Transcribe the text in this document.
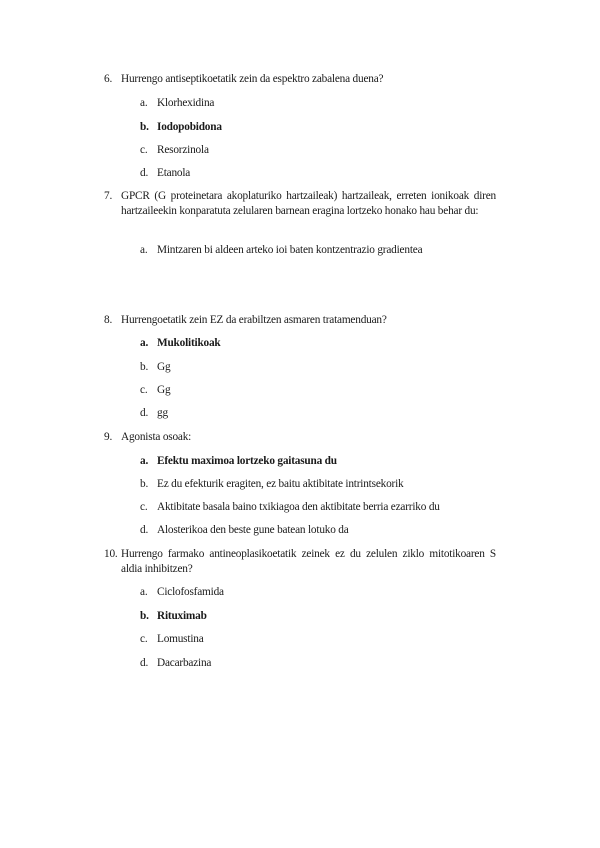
6. Hurrengo antiseptikoetatik zein da espektro zabalena duena?
a. Klorhexidina
b. Iodopobidona
c. Resorzinola
d. Etanola
7. GPCR (G proteinetara akoplaturiko hartzaileak) hartzaileak, erreten ionikoak diren hartzaileekin konparatuta zelularen barnean eragina lortzeko honako hau behar du:
a. Mintzaren bi aldeen arteko ioi baten kontzentrazio gradientea
8. Hurrengoetatik zein EZ da erabiltzen asmaren tratamenduan?
a. Mukolitikoak
b. Gg
c. Gg
d. gg
9. Agonista osoak:
a. Efektu maximoa lortzeko gaitasuna du
b. Ez du efekturik eragiten, ez baitu aktibitate intrintsekorik
c. Aktibitate basala baino txikiagoa den aktibitate berria ezarriko du
d. Alosterikoa den beste gune batean lotuko da
10. Hurrengo farmako antineoplasikoetatik zeinek ez du zelulen ziklo mitotikoaren S aldia inhibitzen?
a. Ciclofosfamida
b. Rituximab
c. Lomustina
d. Dacarbazina
